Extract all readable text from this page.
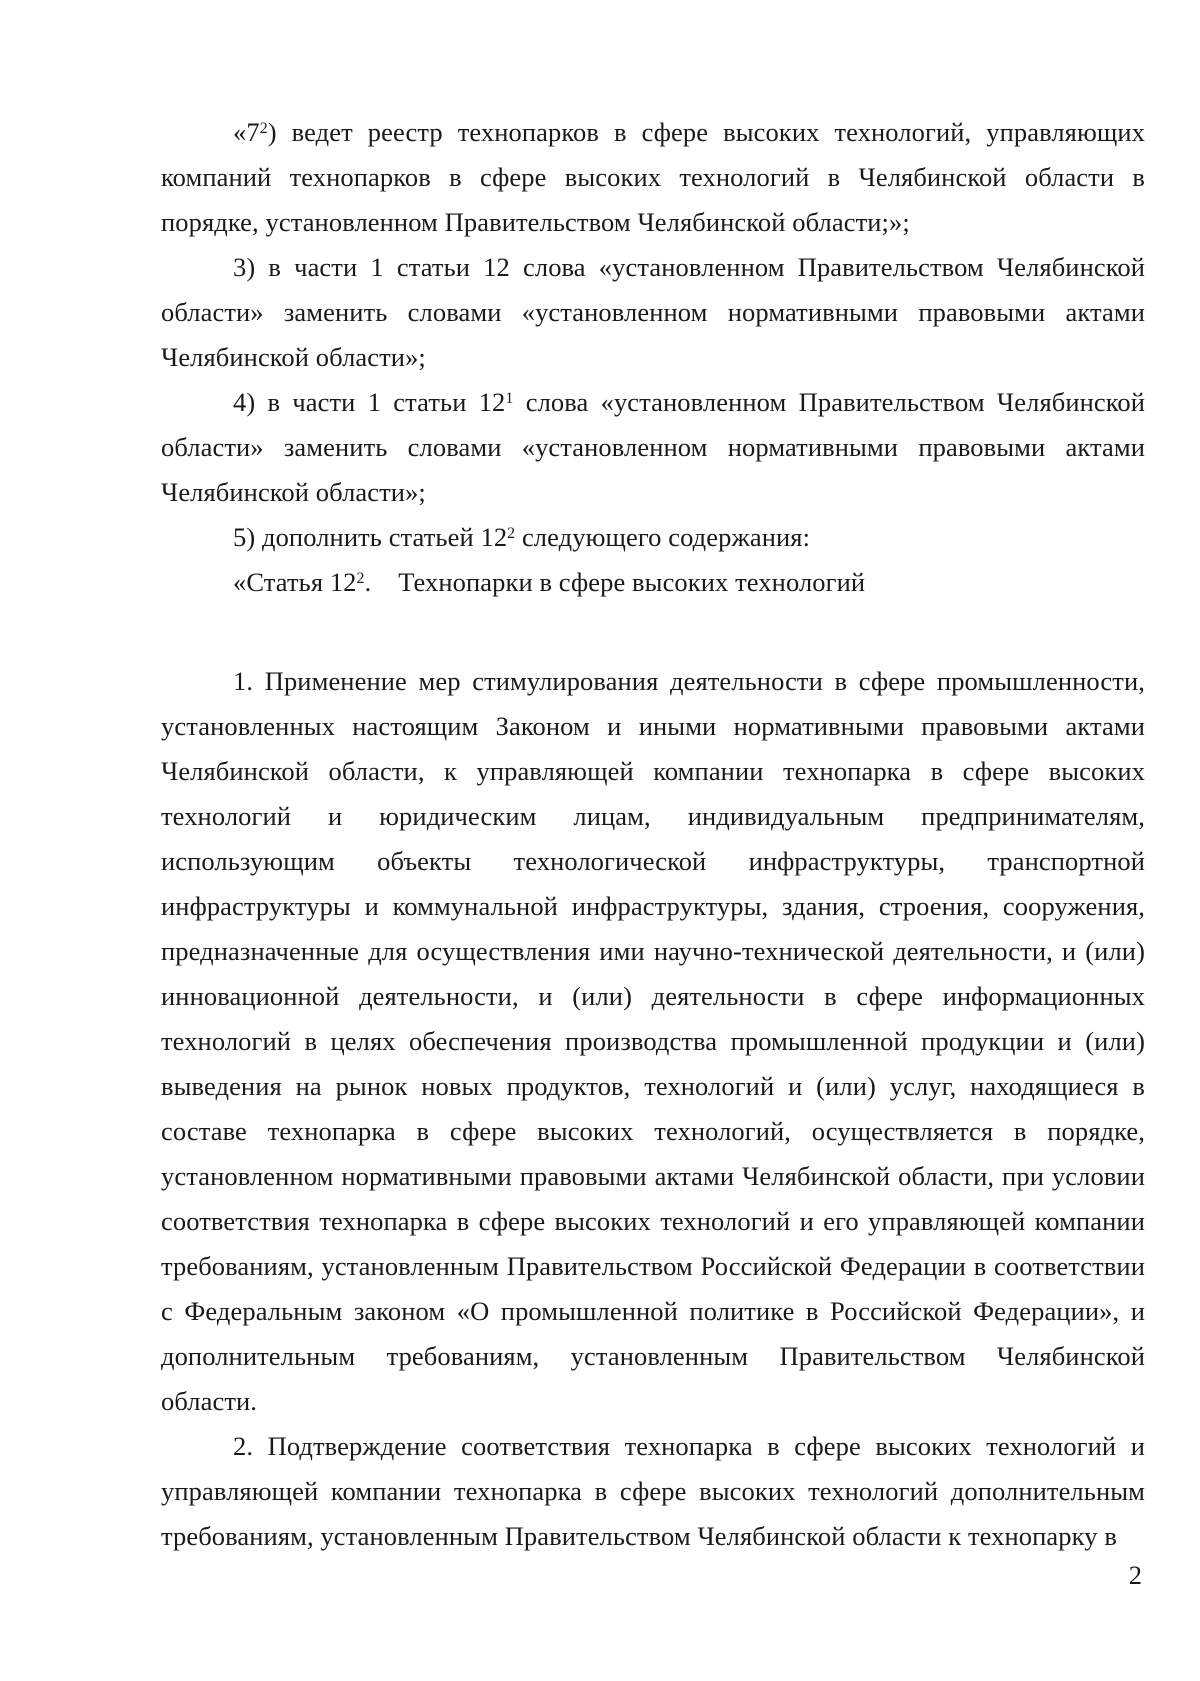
«$7^2$) ведет реестр технопарков в сфере высоких технологий, управляющих компаний технопарков в сфере высоких технологий в Челябинской области в порядке, установленном Правительством Челябинской области;»;

3) в части 1 статьи 12 слова «установленном Правительством Челябинской области» заменить словами «установленном нормативными правовыми актами Челябинской области»;

4) в части 1 статьи $12^1$ слова «установленном Правительством Челябинской области» заменить словами «установленном нормативными правовыми актами Челябинской области»;

5) дополнить статьей $12^2$ следующего содержания:

«Статья $12^2$.    Технопарки в сфере высоких технологий

1. Применение мер стимулирования деятельности в сфере промышленности, установленных настоящим Законом и иными нормативными правовыми актами Челябинской области, к управляющей компании технопарка в сфере высоких технологий и юридическим лицам, индивидуальным предпринимателям, использующим объекты технологической инфраструктуры, транспортной инфраструктуры и коммунальной инфраструктуры, здания, строения, сооружения, предназначенные для осуществления ими научно-технической деятельности, и (или) инновационной деятельности, и (или) деятельности в сфере информационных технологий в целях обеспечения производства промышленной продукции и (или) выведения на рынок новых продуктов, технологий и (или) услуг, находящиеся в составе технопарка в сфере высоких технологий, осуществляется в порядке, установленном нормативными правовыми актами Челябинской области, при условии соответствия технопарка в сфере высоких технологий и его управляющей компании требованиям, установленным Правительством Российской Федерации в соответствии с Федеральным законом «О промышленной политике в Российской Федерации», и дополнительным требованиям, установленным Правительством Челябинской области.

2. Подтверждение соответствия технопарка в сфере высоких технологий и управляющей компании технопарка в сфере высоких технологий дополнительным требованиям, установленным Правительством Челябинской области к технопарку в

2
